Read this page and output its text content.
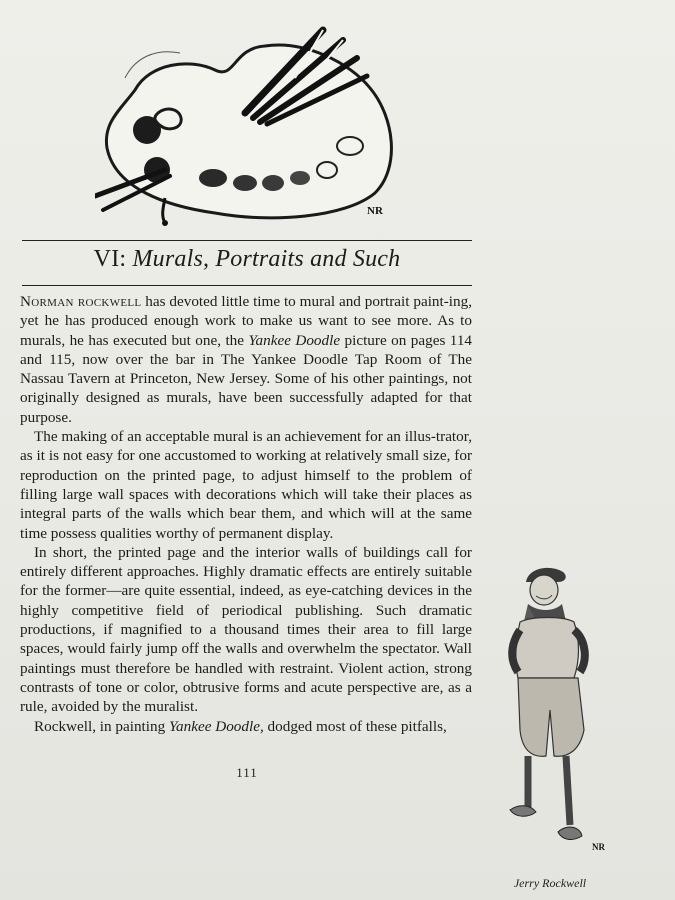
NR
VI: Murals, Portraits and Such

Norman rockwell has devoted little time to mural and portrait paint-ing, yet he has produced enough work to make us want to see more. As to murals, he has executed but one, the Yankee Doodle picture on pages 114 and 115, now over the bar in The Yankee Doodle Tap Room of The Nassau Tavern at Princeton, New Jersey. Some of his other paintings, not originally designed as murals, have been successfully adapted for that purpose.

The making of an acceptable mural is an achievement for an illus-trator, as it is not easy for one accustomed to working at relatively small size, for reproduction on the printed page, to adjust himself to the problem of filling large wall spaces with decorations which will take their places as integral parts of the walls which bear them, and which will at the same time possess qualities worthy of permanent display.

In short, the printed page and the interior walls of buildings call for entirely different approaches. Highly dramatic effects are entirely suitable for the former—are quite essential, indeed, as eye-catching devices in the highly competitive field of periodical publishing. Such dramatic productions, if magnified to a thousand times their area to fill large spaces, would fairly jump off the walls and overwhelm the spectator. Wall paintings must therefore be handled with restraint. Violent action, strong contrasts of tone or color, obtrusive forms and acute perspective are, as a rule, avoided by the muralist.

Rockwell, in painting Yankee Doodle, dodged most of these pitfalls,

111
NR
Jerry Rockwell
